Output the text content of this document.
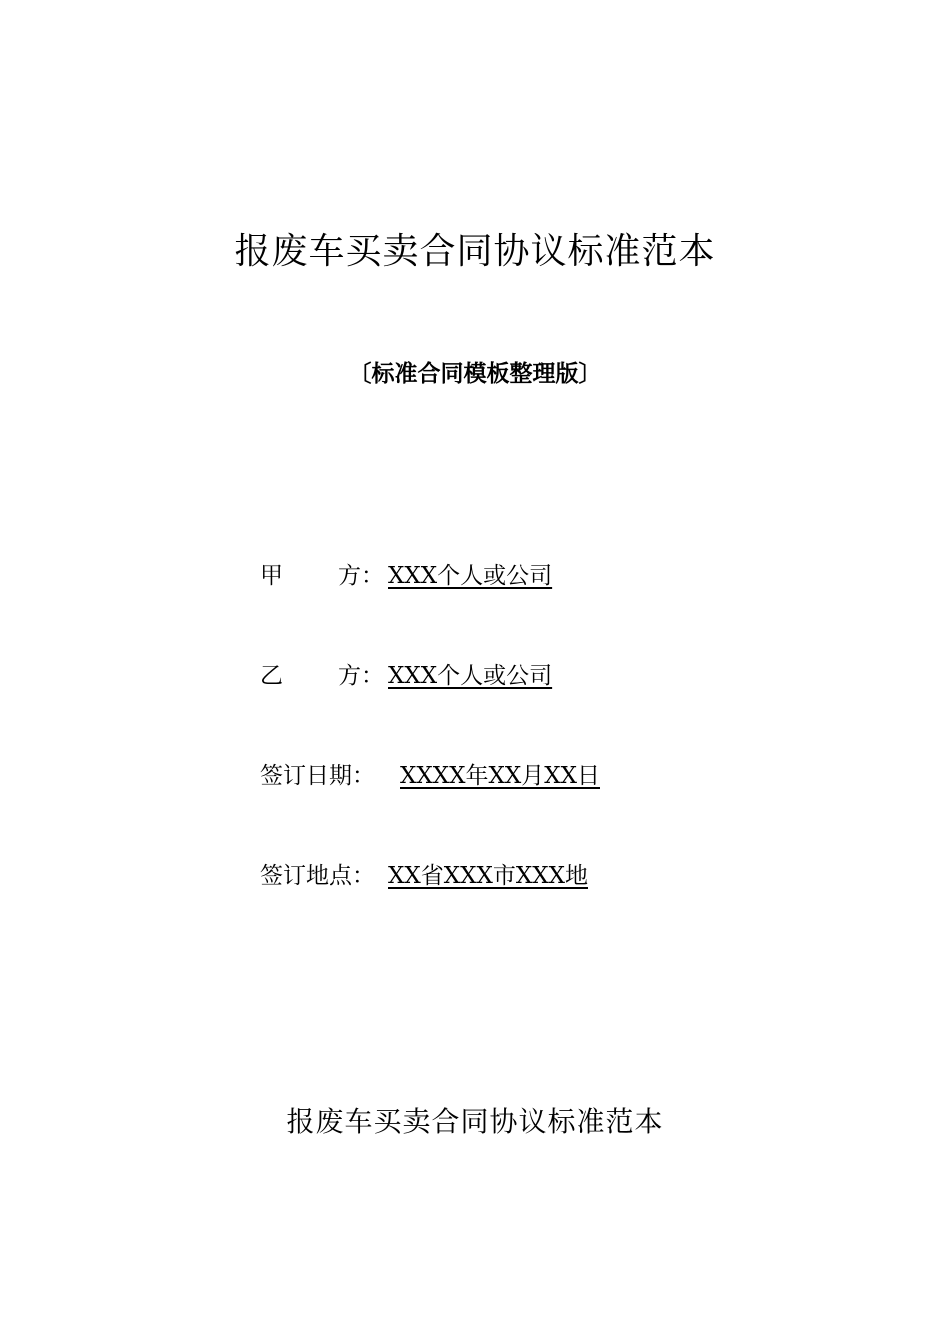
报废车买卖合同协议标准范本
〔标准合同模板整理版〕
甲 方： XXX个人或公司
乙 方： XXX个人或公司
签订日期： XXXX年XX月XX日
签订地点： XX省XXX市XXX地
报废车买卖合同协议标准范本
